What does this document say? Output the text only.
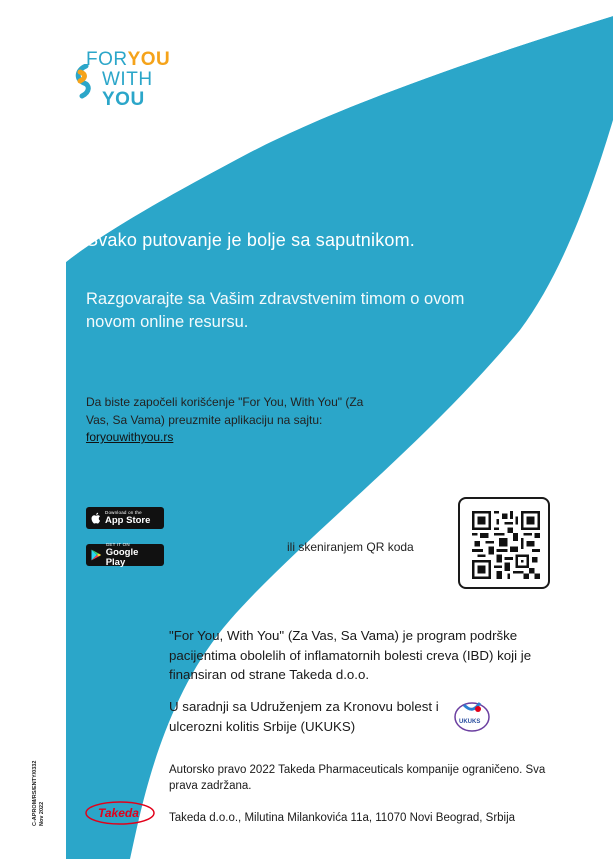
FORYOU
WITH
YOU
Svako putovanje je bolje sa saputnikom.
Razgovarajte sa Vašim zdravstvenim timom o ovom novom online resursu.
Da biste započeli korišćenje "For You, With You" (Za Vas, Sa Vama) preuzmite aplikaciju na sajtu: foryouwithyou.rs
Download on the
App Store
GET IT ON
Google Play
ili skeniranjem QR koda
"For You, With You" (Za Vas, Sa Vama) je program podrške pacijentima obolelih of inflamatornih bolesti creva (IBD) koji je finansiran od strane Takeda d.o.o.
U saradnji sa Udruženjem za Kronovu bolest i ulcerozni kolitis Srbije (UKUKS)	UKUKS
Autorsko pravo 2022 Takeda Pharmaceuticals kompanije ograničeno. Sva prava zadržana.
Takeda d.o.o., Milutina Milankovića 11a, 11070 Novi Beograd, Srbija
C-APROM/RS/ENTY/0332 Nov 2022	Takeda
